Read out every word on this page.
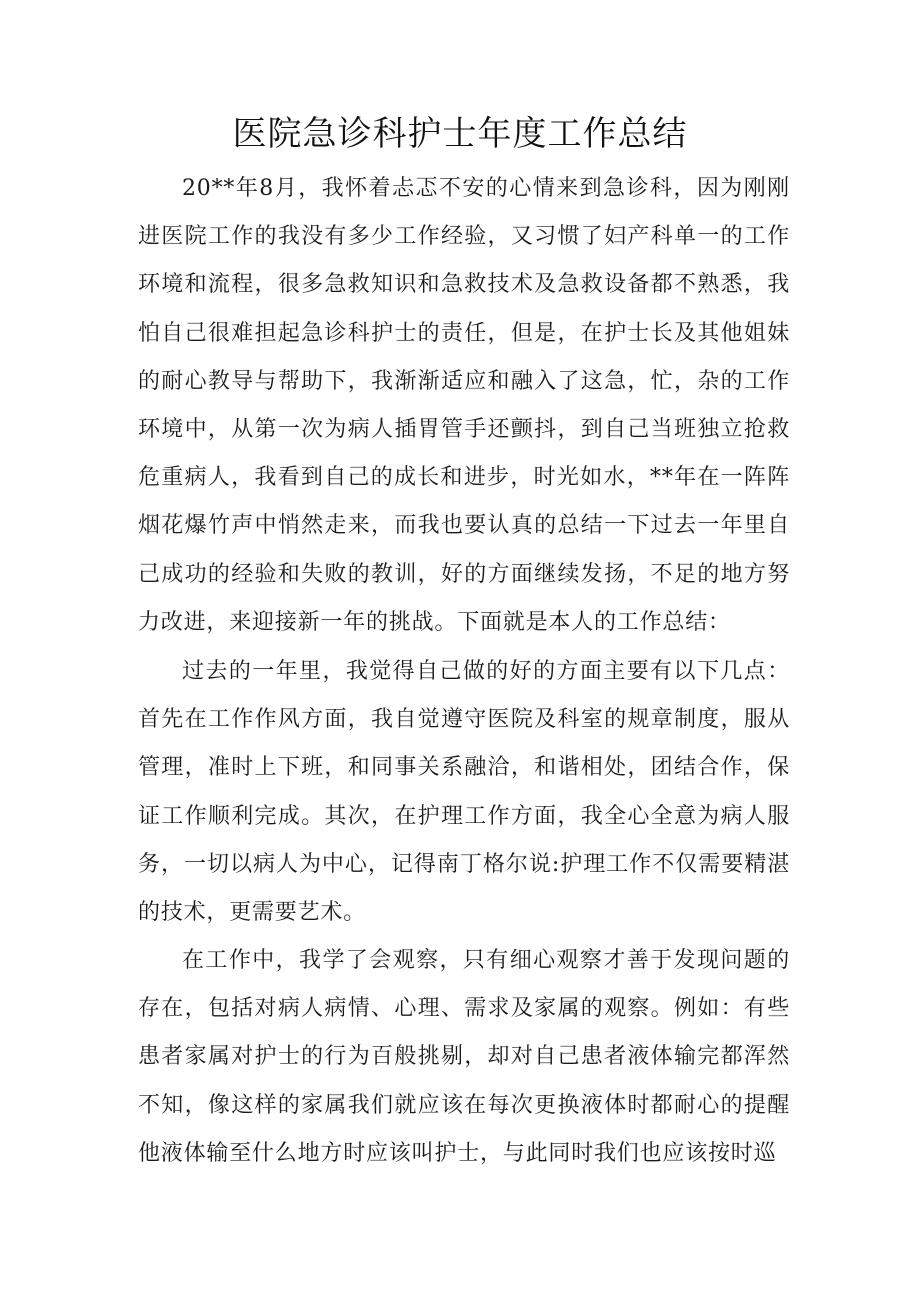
医院急诊科护士年度工作总结

20**年8月，我怀着忐忑不安的心情来到急诊科，因为刚刚进医院工作的我没有多少工作经验，又习惯了妇产科单一的工作环境和流程，很多急救知识和急救技术及急救设备都不熟悉，我怕自己很难担起急诊科护士的责任，但是，在护士长及其他姐妹的耐心教导与帮助下，我渐渐适应和融入了这急，忙，杂的工作环境中，从第一次为病人插胃管手还颤抖，到自己当班独立抢救危重病人，我看到自己的成长和进步，时光如水，**年在一阵阵烟花爆竹声中悄然走来，而我也要认真的总结一下过去一年里自己成功的经验和失败的教训，好的方面继续发扬，不足的地方努力改进，来迎接新一年的挑战。下面就是本人的工作总结：

过去的一年里，我觉得自己做的好的方面主要有以下几点：首先在工作作风方面，我自觉遵守医院及科室的规章制度，服从管理，准时上下班，和同事关系融洽，和谐相处，团结合作，保证工作顺利完成。其次，在护理工作方面，我全心全意为病人服务，一切以病人为中心，记得南丁格尔说:护理工作不仅需要精湛的技术，更需要艺术。

在工作中，我学了会观察，只有细心观察才善于发现问题的存在，包括对病人病情、心理、需求及家属的观察。例如：有些患者家属对护士的行为百般挑剔，却对自己患者液体输完都浑然不知，像这样的家属我们就应该在每次更换液体时都耐心的提醒他液体输至什么地方时应该叫护士，与此同时我们也应该按时巡
